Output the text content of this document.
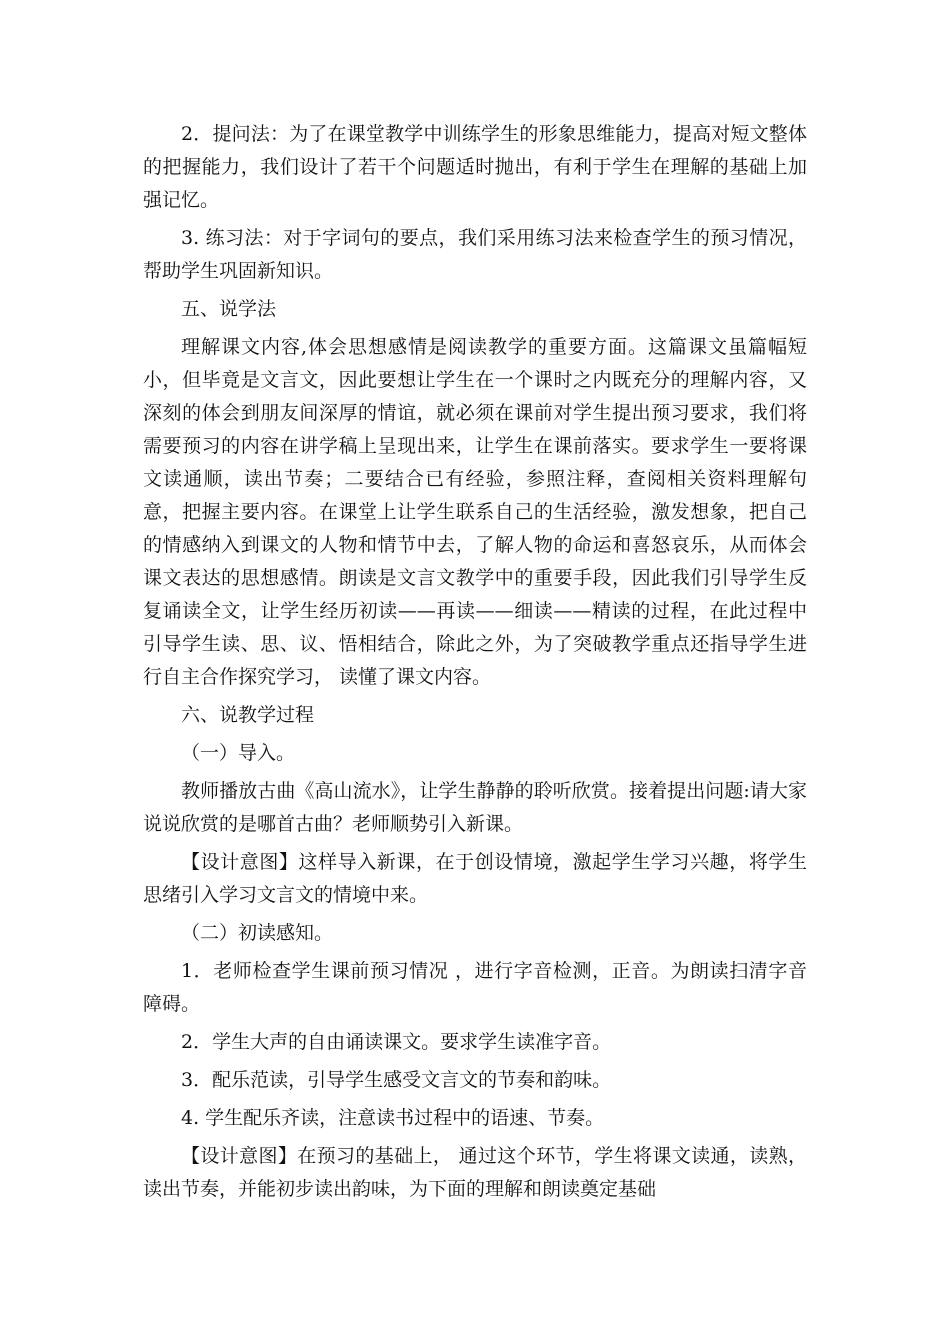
2．提问法：为了在课堂教学中训练学生的形象思维能力，提高对短文整体的把握能力，我们设计了若干个问题适时抛出，有利于学生在理解的基础上加强记忆。

3. 练习法：对于字词句的要点，我们采用练习法来检查学生的预习情况，帮助学生巩固新知识。

五、说学法

理解课文内容,体会思想感情是阅读教学的重要方面。这篇课文虽篇幅短小，但毕竟是文言文，因此要想让学生在一个课时之内既充分的理解内容，又深刻的体会到朋友间深厚的情谊，就必须在课前对学生提出预习要求，我们将需要预习的内容在讲学稿上呈现出来，让学生在课前落实。要求学生一要将课文读通顺，读出节奏；二要结合已有经验，参照注释，查阅相关资料理解句意，把握主要内容。在课堂上让学生联系自己的生活经验，激发想象，把自己的情感纳入到课文的人物和情节中去，了解人物的命运和喜怒哀乐，从而体会课文表达的思想感情。朗读是文言文教学中的重要手段，因此我们引导学生反复诵读全文，让学生经历初读——再读——细读——精读的过程，在此过程中引导学生读、思、议、悟相结合，除此之外，为了突破教学重点还指导学生进行自主合作探究学习， 读懂了课文内容。

六、说教学过程

（一）导入。

教师播放古曲《高山流水》，让学生静静的聆听欣赏。接着提出问题:请大家说说欣赏的是哪首古曲？老师顺势引入新课。

【设计意图】这样导入新课，在于创设情境，激起学生学习兴趣，将学生思绪引入学习文言文的情境中来。

（二）初读感知。

1．老师检查学生课前预习情况 ，进行字音检测，正音。为朗读扫清字音障碍。

2．学生大声的自由诵读课文。要求学生读准字音。

3．配乐范读，引导学生感受文言文的节奏和韵味。

4. 学生配乐齐读，注意读书过程中的语速、节奏。

【设计意图】在预习的基础上， 通过这个环节，学生将课文读通，读熟，读出节奏，并能初步读出韵味，为下面的理解和朗读奠定基础
